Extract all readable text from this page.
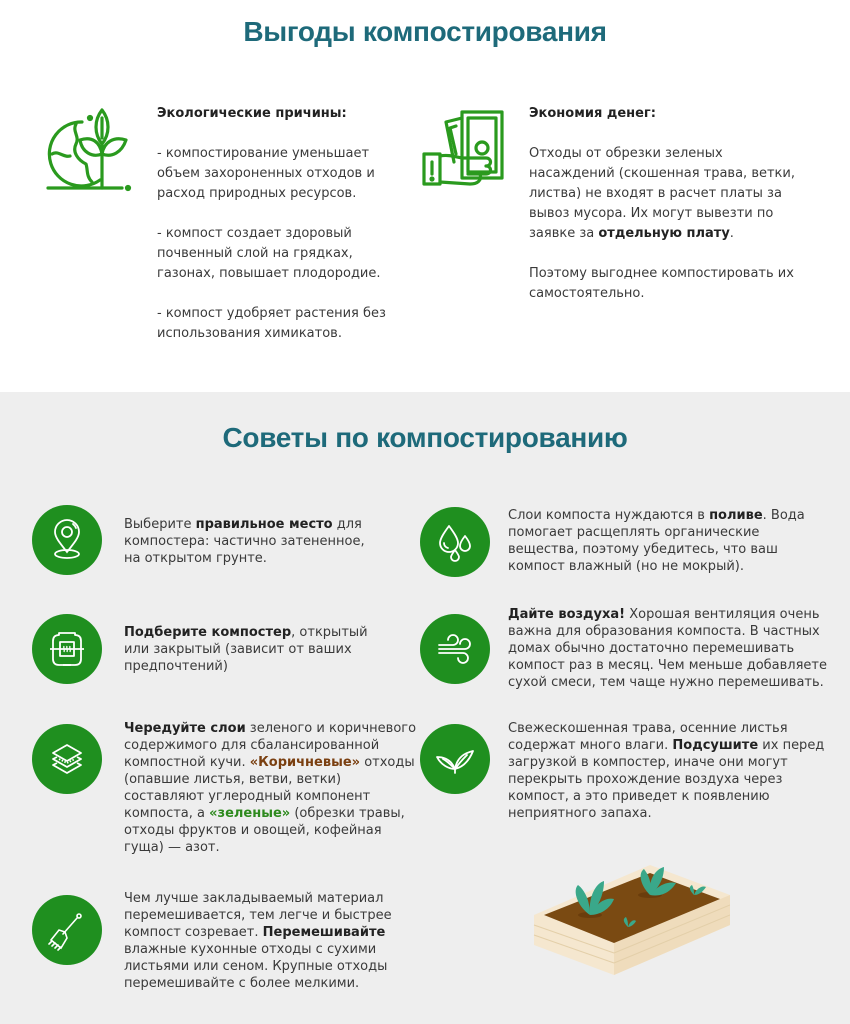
Выгоды компостирования
Экологические причины:

- компостирование уменьшает объем захороненных отходов и расход природных ресурсов.

- компост создает здоровый почвенный слой на грядках, газонах, повышает плодородие.

- компост удобряет растения без использования химикатов.

Экономия денег:

Отходы от обрезки зеленых насаждений (скошенная трава, ветки, листва) не входят в расчет платы за вывоз мусора. Их могут вывезти по заявке за отдельную плату.

Поэтому выгоднее компостировать их самостоятельно.

Советы по компостированию
Выберите правильное место для компостера: частично затененное, на открытом грунте.
Слои компоста нуждаются в поливе. Вода помогает расщеплять органические вещества, поэтому убедитесь, что ваш компост влажный (но не мокрый).
Подберите компостер, открытый или закрытый (зависит от ваших предпочтений)
Дайте воздуха! Хорошая вентиляция очень важна для образования компоста. В частных домах обычно достаточно перемешивать компост раз в месяц. Чем меньше добавляете сухой смеси, тем чаще нужно перемешивать.
Чередуйте слои зеленого и коричневого содержимого для сбалансированной компостной кучи. «Коричневые» отходы (опавшие листья, ветви, ветки) составляют углеродный компонент компоста, а «зеленые» (обрезки травы, отходы фруктов и овощей, кофейная гуща) — азот.
Свежескошенная трава, осенние листья содержат много влаги. Подсушите их перед загрузкой в компостер, иначе они могут перекрыть прохождение воздуха через компост, а это приведет к появлению неприятного запаха.
Чем лучше закладываемый материал перемешивается, тем легче и быстрее компост созревает. Перемешивайте влажные кухонные отходы с сухими листьями или сеном. Крупные отходы перемешивайте с более мелкими.
